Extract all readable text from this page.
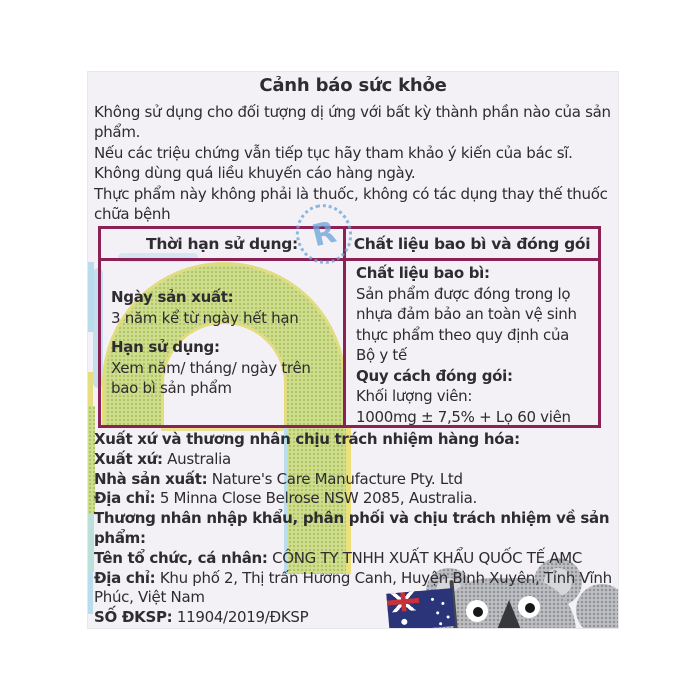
R
Cảnh báo sức khỏe

Không sử dụng cho đối tượng dị ứng với bất kỳ thành phần nào của sản phẩm.

Nếu các triệu chứng vẫn tiếp tục hãy tham khảo ý kiến của bác sĩ.

Không dùng quá liều khuyến cáo hàng ngày.

Thực phẩm này không phải là thuốc, không có tác dụng thay thế thuốc chữa bệnh

Thời hạn sử dụng:	Chất liệu bao bì và đóng gói
Ngày sản xuất:
3 năm kể từ ngày hết hạn
Hạn sử dụng:
Xem năm/ tháng/ ngày trên bao bì sản phẩm
Chất liệu bao bì:
Sản phẩm được đóng trong lọ nhựa đảm bảo an toàn vệ sinh thực phẩm theo quy định của Bộ y tế
Quy cách đóng gói:
Khối lượng viên:
1000mg ± 7,5% + Lọ 60 viên
Xuất xứ và thương nhân chịu trách nhiệm hàng hóa:
Xuất xứ: Australia
Nhà sản xuất: Nature's Care Manufacture Pty. Ltd
Địa chỉ: 5 Minna Close Belrose NSW 2085, Australia.
Thương nhân nhập khẩu, phân phối và chịu trách nhiệm về sản phẩm:
Tên tổ chức, cá nhân: CÔNG TY TNHH XUẤT KHẨU QUỐC TẾ AMC
Địa chỉ: Khu phố 2, Thị trấn Hương Canh, Huyện Bình Xuyên, Tỉnh Vĩnh Phúc, Việt Nam
SỐ ĐKSP: 11904/2019/ĐKSP
